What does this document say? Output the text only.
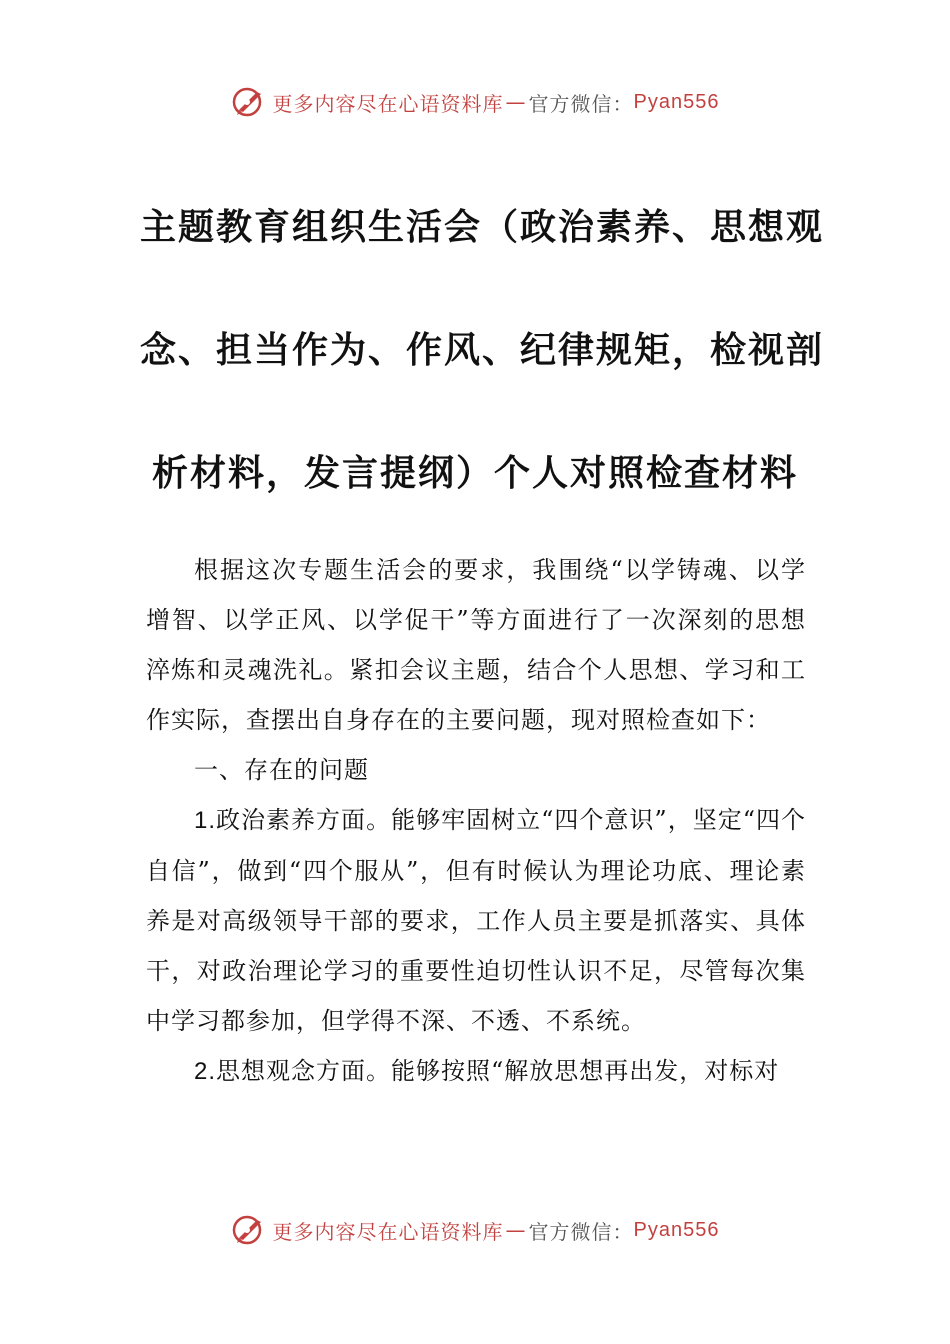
更多内容尽在心语资料库 — 官方微信： Pyan556
主题教育组织生活会（政治素养、思想观
念、担当作为、作风、纪律规矩，检视剖
析材料，发言提纲）个人对照检查材料

根据这次专题生活会的要求，我围绕“以学铸魂、以学增智、以学正风、以学促干”等方面进行了一次深刻的思想淬炼和灵魂洗礼。紧扣会议主题，结合个人思想、学习和工作实际，查摆出自身存在的主要问题，现对照检查如下：

一、存在的问题

1.政治素养方面。能够牢固树立“四个意识”，坚定“四个自信”，做到“四个服从”，但有时候认为理论功底、理论素养是对高级领导干部的要求，工作人员主要是抓落实、具体干，对政治理论学习的重要性迫切性认识不足，尽管每次集中学习都参加，但学得不深、不透、不系统。

2.思想观念方面。能够按照“解放思想再出发，对标对

更多内容尽在心语资料库 — 官方微信： Pyan556
